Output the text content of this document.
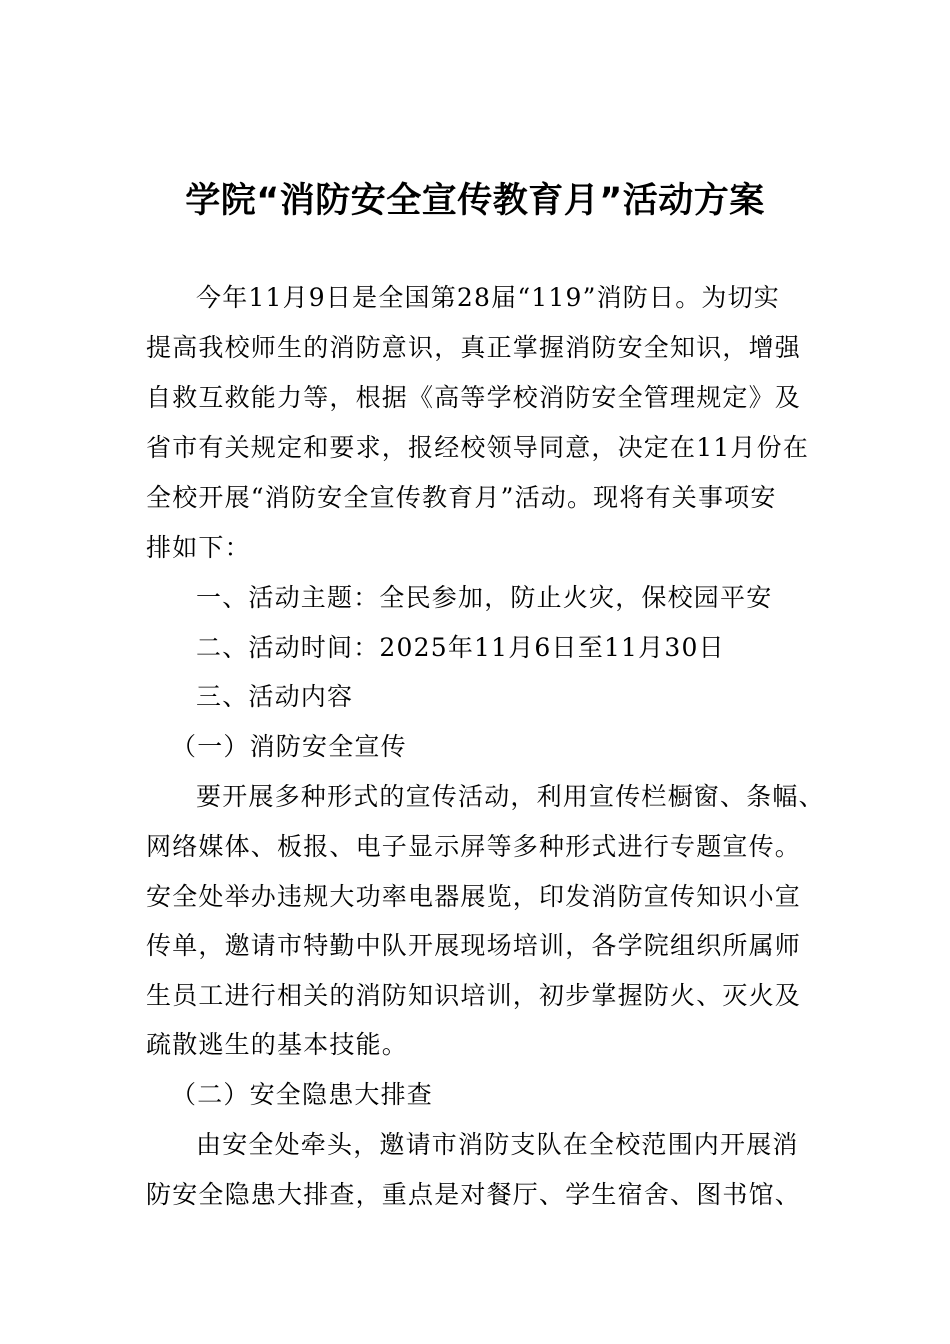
学院“消防安全宣传教育月”活动方案
今年11月9日是全国第28届“119”消防日。为切实
提高我校师生的消防意识，真正掌握消防安全知识，增强
自救互救能力等，根据《高等学校消防安全管理规定》及
省市有关规定和要求，报经校领导同意，决定在11月份在
全校开展“消防安全宣传教育月”活动。现将有关事项安
排如下：
一、活动主题：全民参加，防止火灾，保校园平安
二、活动时间：2025年11月6日至11月30日
三、活动内容
（一）消防安全宣传
要开展多种形式的宣传活动，利用宣传栏橱窗、条幅、
网络媒体、板报、电子显示屏等多种形式进行专题宣传。
安全处举办违规大功率电器展览，印发消防宣传知识小宣
传单，邀请市特勤中队开展现场培训，各学院组织所属师
生员工进行相关的消防知识培训，初步掌握防火、灭火及
疏散逃生的基本技能。
（二）安全隐患大排查
由安全处牵头，邀请市消防支队在全校范围内开展消
防安全隐患大排查，重点是对餐厅、学生宿舍、图书馆、
